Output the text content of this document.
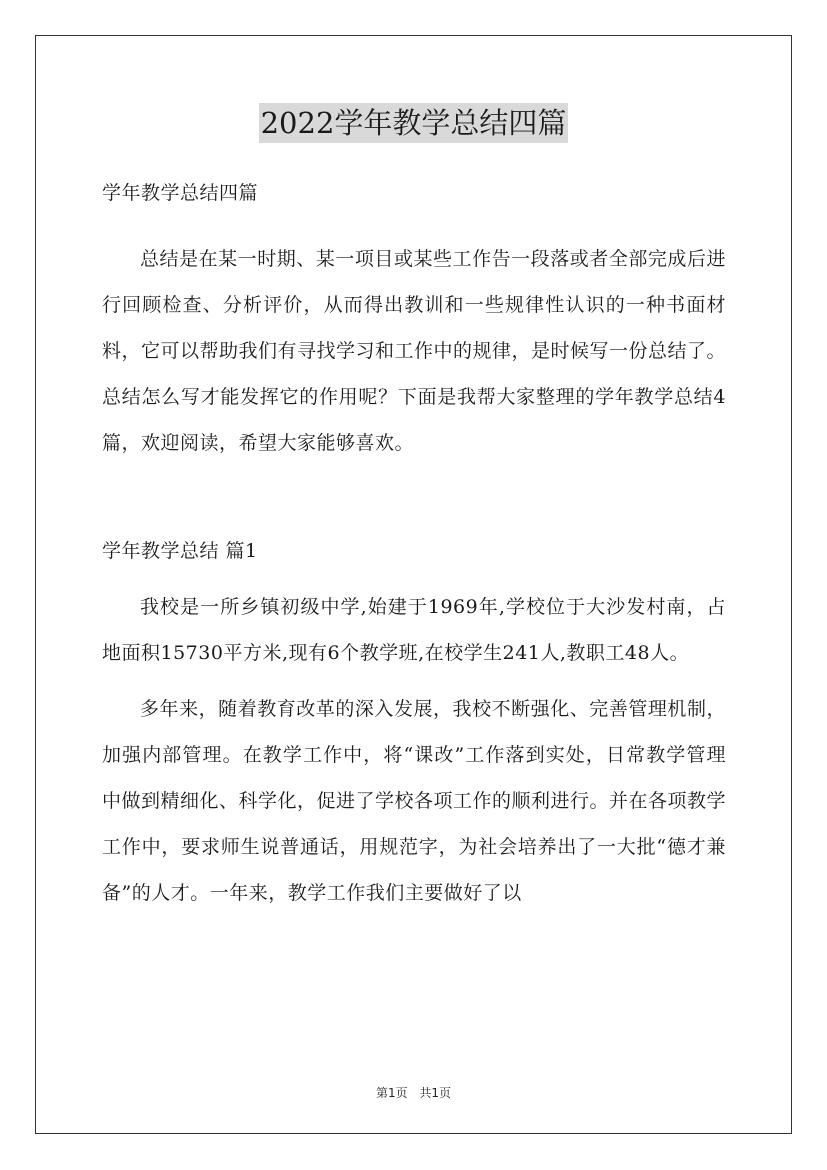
2022学年教学总结四篇

学年教学总结四篇

总结是在某一时期、某一项目或某些工作告一段落或者全部完成后进行回顾检查、分析评价，从而得出教训和一些规律性认识的一种书面材料，它可以帮助我们有寻找学习和工作中的规律，是时候写一份总结了。总结怎么写才能发挥它的作用呢？下面是我帮大家整理的学年教学总结4篇，欢迎阅读，希望大家能够喜欢。

学年教学总结 篇1

我校是一所乡镇初级中学,始建于1969年,学校位于大沙发村南，占地面积15730平方米,现有6个教学班,在校学生241人,教职工48人。

多年来，随着教育改革的深入发展，我校不断强化、完善管理机制，加强内部管理。在教学工作中，将“课改”工作落到实处，日常教学管理中做到精细化、科学化，促进了学校各项工作的顺利进行。并在各项教学工作中，要求师生说普通话，用规范字，为社会培养出了一大批“德才兼备”的人才。一年来，教学工作我们主要做好了以

第1页 共1页
